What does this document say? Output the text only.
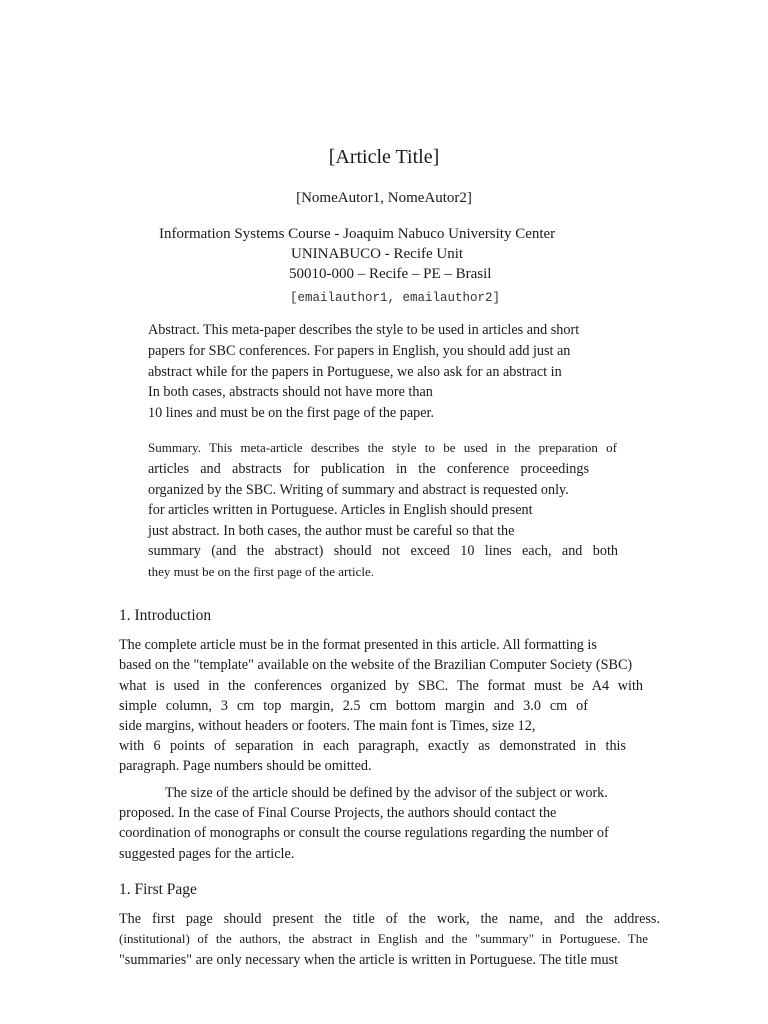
[Article Title]
[NomeAutor1, NomeAutor2]
Information Systems Course - Joaquim Nabuco University Center
UNINABUCO - Recife Unit
50010-000 – Recife – PE – Brasil
[emailauthor1, emailauthor2]
Abstract. This meta-paper describes the style to be used in articles and short
papers for SBC conferences. For papers in English, you should add just an
abstract while for the papers in Portuguese, we also ask for an abstract in
In both cases, abstracts should not have more than
10 lines and must be on the first page of the paper.
Summary. This meta-article describes the style to be used in the preparation of
articles and abstracts for publication in the conference proceedings
organized by the SBC. Writing of summary and abstract is requested only.
for articles written in Portuguese. Articles in English should present
just abstract. In both cases, the author must be careful so that the
summary (and the abstract) should not exceed 10 lines each, and both
they must be on the first page of the article.
1. Introduction
The complete article must be in the format presented in this article. All formatting is
based on the "template" available on the website of the Brazilian Computer Society (SBC)
what is used in the conferences organized by SBC. The format must be A4 with
simple column, 3 cm top margin, 2.5 cm bottom margin and 3.0 cm of
side margins, without headers or footers. The main font is Times, size 12,
with 6 points of separation in each paragraph, exactly as demonstrated in this
paragraph. Page numbers should be omitted.
The size of the article should be defined by the advisor of the subject or work.
proposed. In the case of Final Course Projects, the authors should contact the
coordination of monographs or consult the course regulations regarding the number of
suggested pages for the article.
1. First Page
The first page should present the title of the work, the name, and the address.
(institutional) of the authors, the abstract in English and the "summary" in Portuguese. The
"summaries" are only necessary when the article is written in Portuguese. The title must
